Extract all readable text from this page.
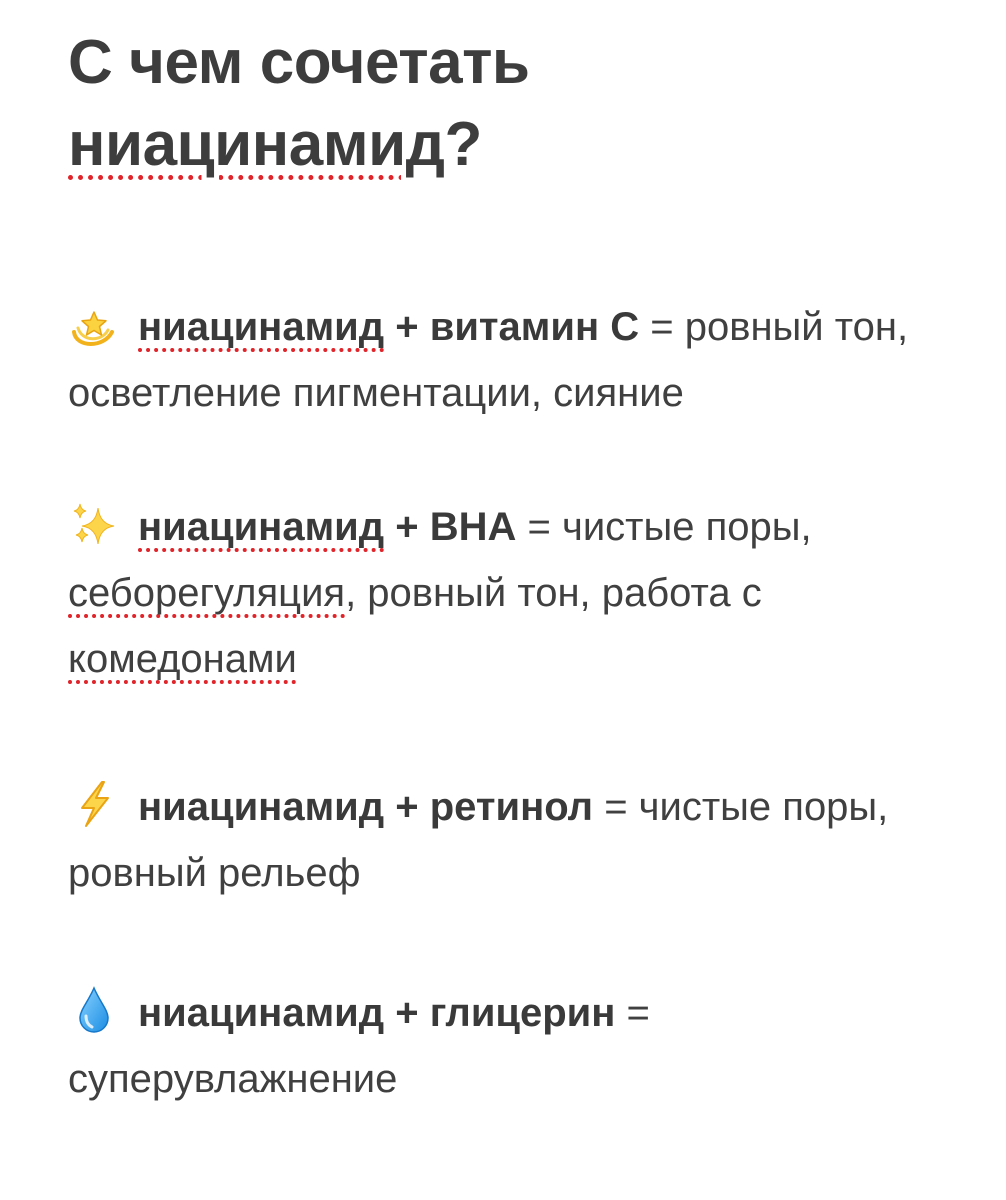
С чем сочетать
ниацинамид?
ниацинамид + витамин С = ровный тон, осветление пигментации, сияние
ниацинамид + ВНА = чистые поры, себорегуляция, ровный тон, работа с комедонами
ниацинамид + ретинол = чистые поры, ровный рельеф
ниацинамид + глицерин = суперувлажнение
